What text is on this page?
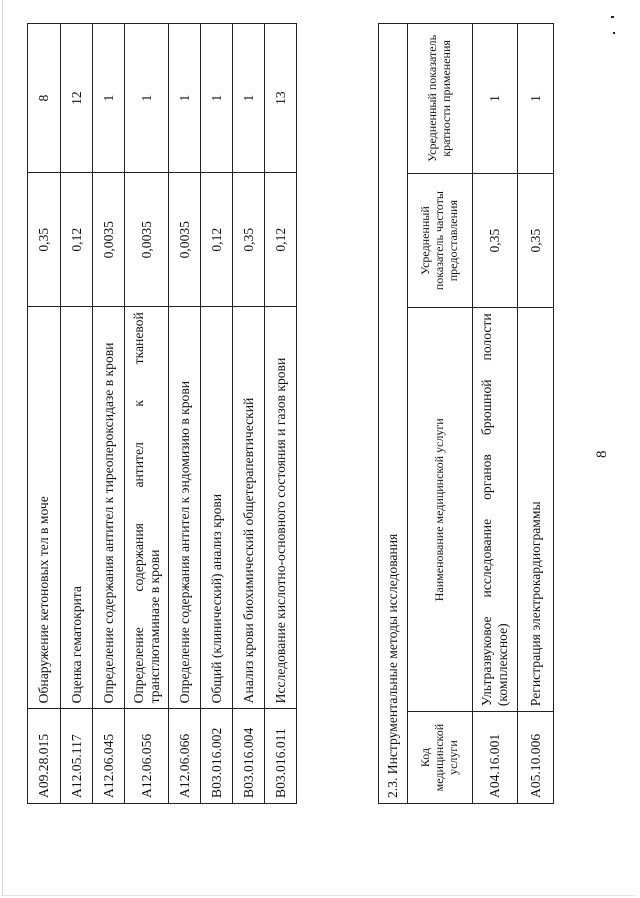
8
A09.28.015	Обнаружение кетоновых тел в моче	0,35	8
A12.05.117	Оценка гематокрита	0,12	12
A12.06.045	Определение содержания антител к тиреопероксидазе в крови	0,0035	1
A12.06.056	Определение содержания антител к тканевой трансглютаминазе в крови	0,0035	1
A12.06.066	Определение содержания антител к эндомизию в крови	0,0035	1
B03.016.002	Общий (клинический) анализ крови	0,12	1
B03.016.004	Анализ крови биохимический общетерапевтический	0,35	1
B03.016.011	Исследование кислотно-основного состояния и газов крови	0,12	13
2.3. Инструментальные методы исследования			
Код медицинской услуги	Наименование медицинской услуги	Усредненный показатель частоты предоставления	Усредненный показатель кратности применения
A04.16.001	Ультразвуковое исследование органов брюшной полости (комплексное)	0,35	1
A05.10.006	Регистрация электрокардиограммы	0,35	1
